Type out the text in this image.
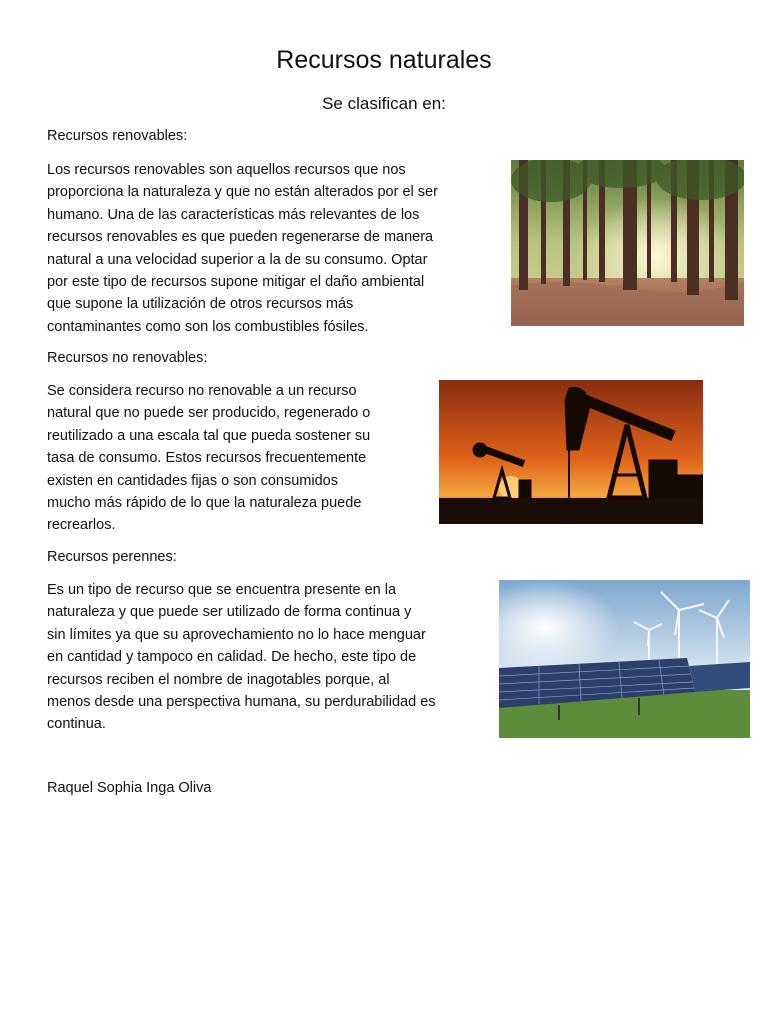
Recursos naturales
Se clasifican en:
Recursos renovables:
Los recursos renovables son aquellos recursos que nos
proporciona la naturaleza y que no están alterados por el ser
humano. Una de las características más relevantes de los
recursos renovables es que pueden regenerarse de manera
natural a una velocidad superior a la de su consumo. Optar
por este tipo de recursos supone mitigar el daño ambiental
que supone la utilización de otros recursos más
contaminantes como son los combustibles fósiles.
Recursos no renovables:
Se considera recurso no renovable a un recurso
natural que no puede ser producido, regenerado o
reutilizado a una escala tal que pueda sostener su
tasa de consumo. Estos recursos frecuentemente
existen en cantidades fijas o son consumidos
mucho más rápido de lo que la naturaleza puede
recrearlos.
Recursos perennes:
Es un tipo de recurso que se encuentra presente en la
naturaleza y que puede ser utilizado de forma continua y
sin límites ya que su aprovechamiento no lo hace menguar
en cantidad y tampoco en calidad. De hecho, este tipo de
recursos reciben el nombre de inagotables porque, al
menos desde una perspectiva humana, su perdurabilidad es
continua.
Raquel Sophia Inga Oliva
